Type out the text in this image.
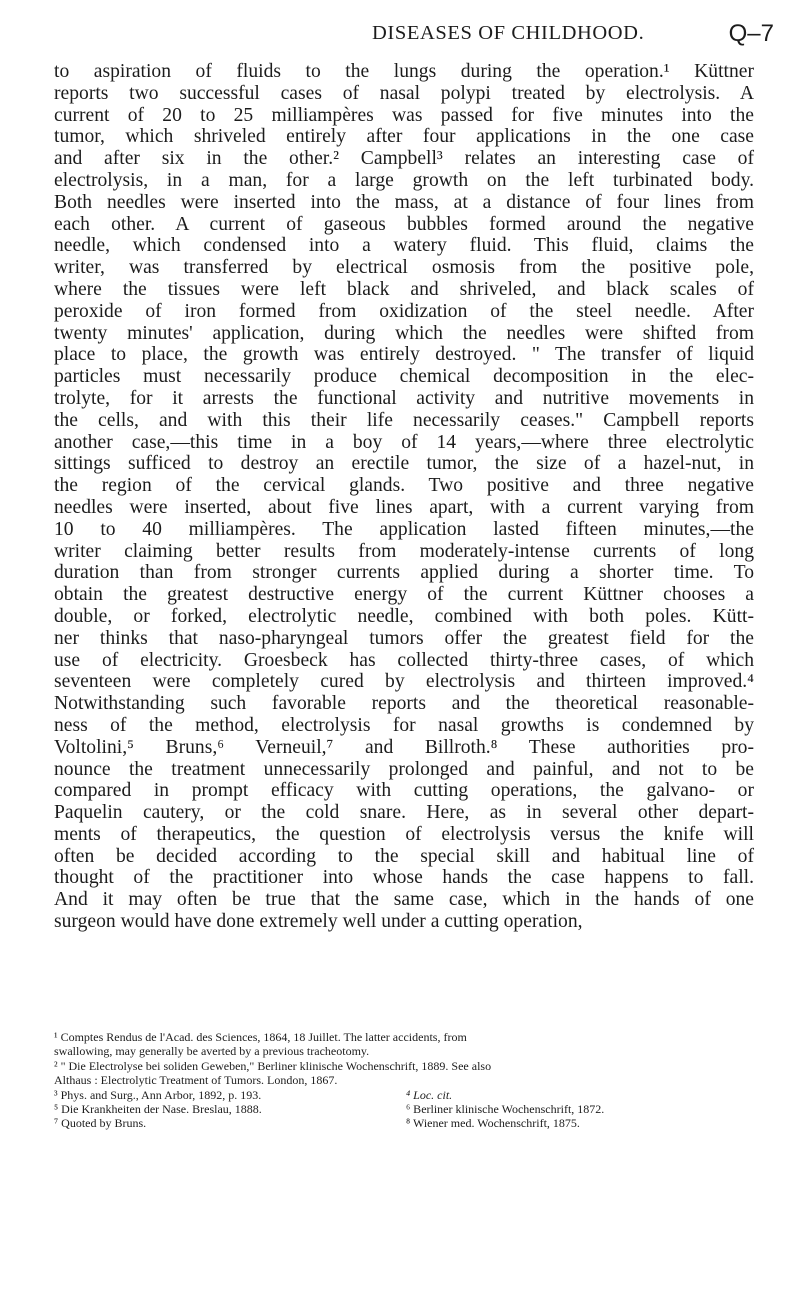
DISEASES OF CHILDHOOD.	Q–7
to aspiration of fluids to the lungs during the operation.¹ Küttner
reports two successful cases of nasal polypi treated by electrolysis. A
current of 20 to 25 milliampères was passed for five minutes into the
tumor, which shriveled entirely after four applications in the one case
and after six in the other.² Campbell³ relates an interesting case of
electrolysis, in a man, for a large growth on the left turbinated body.
Both needles were inserted into the mass, at a distance of four lines from
each other. A current of gaseous bubbles formed around the negative
needle, which condensed into a watery fluid. This fluid, claims the
writer, was transferred by electrical osmosis from the positive pole,
where the tissues were left black and shriveled, and black scales of
peroxide of iron formed from oxidization of the steel needle. After
twenty minutes' application, during which the needles were shifted from
place to place, the growth was entirely destroyed. " The transfer of liquid
particles must necessarily produce chemical decomposition in the elec-
trolyte, for it arrests the functional activity and nutritive movements in
the cells, and with this their life necessarily ceases." Campbell reports
another case,—this time in a boy of 14 years,—where three electrolytic
sittings sufficed to destroy an erectile tumor, the size of a hazel-nut, in
the region of the cervical glands. Two positive and three negative
needles were inserted, about five lines apart, with a current varying from
10 to 40 milliampères. The application lasted fifteen minutes,—the
writer claiming better results from moderately-intense currents of long
duration than from stronger currents applied during a shorter time. To
obtain the greatest destructive energy of the current Küttner chooses a
double, or forked, electrolytic needle, combined with both poles. Kütt-
ner thinks that naso-pharyngeal tumors offer the greatest field for the
use of electricity. Groesbeck has collected thirty-three cases, of which
seventeen were completely cured by electrolysis and thirteen improved.⁴
Notwithstanding such favorable reports and the theoretical reasonable-
ness of the method, electrolysis for nasal growths is condemned by
Voltolini,⁵ Bruns,⁶ Verneuil,⁷ and Billroth.⁸ These authorities pro-
nounce the treatment unnecessarily prolonged and painful, and not to be
compared in prompt efficacy with cutting operations, the galvano- or
Paquelin cautery, or the cold snare. Here, as in several other depart-
ments of therapeutics, the question of electrolysis versus the knife will
often be decided according to the special skill and habitual line of
thought of the practitioner into whose hands the case happens to fall.
And it may often be true that the same case, which in the hands of one
surgeon would have done extremely well under a cutting operation,
¹ Comptes Rendus de l'Acad. des Sciences, 1864, 18 Juillet. The latter accidents, from
swallowing, may generally be averted by a previous tracheotomy.
² " Die Electrolyse bei soliden Geweben," Berliner klinische Wochenschrift, 1889. See also
Althaus : Electrolytic Treatment of Tumors. London, 1867.
³ Phys. and Surg., Ann Arbor, 1892, p. 193.	⁴ Loc. cit.
⁵ Die Krankheiten der Nase. Breslau, 1888.	⁶ Berliner klinische Wochenschrift, 1872.
⁷ Quoted by Bruns.	⁸ Wiener med. Wochenschrift, 1875.
